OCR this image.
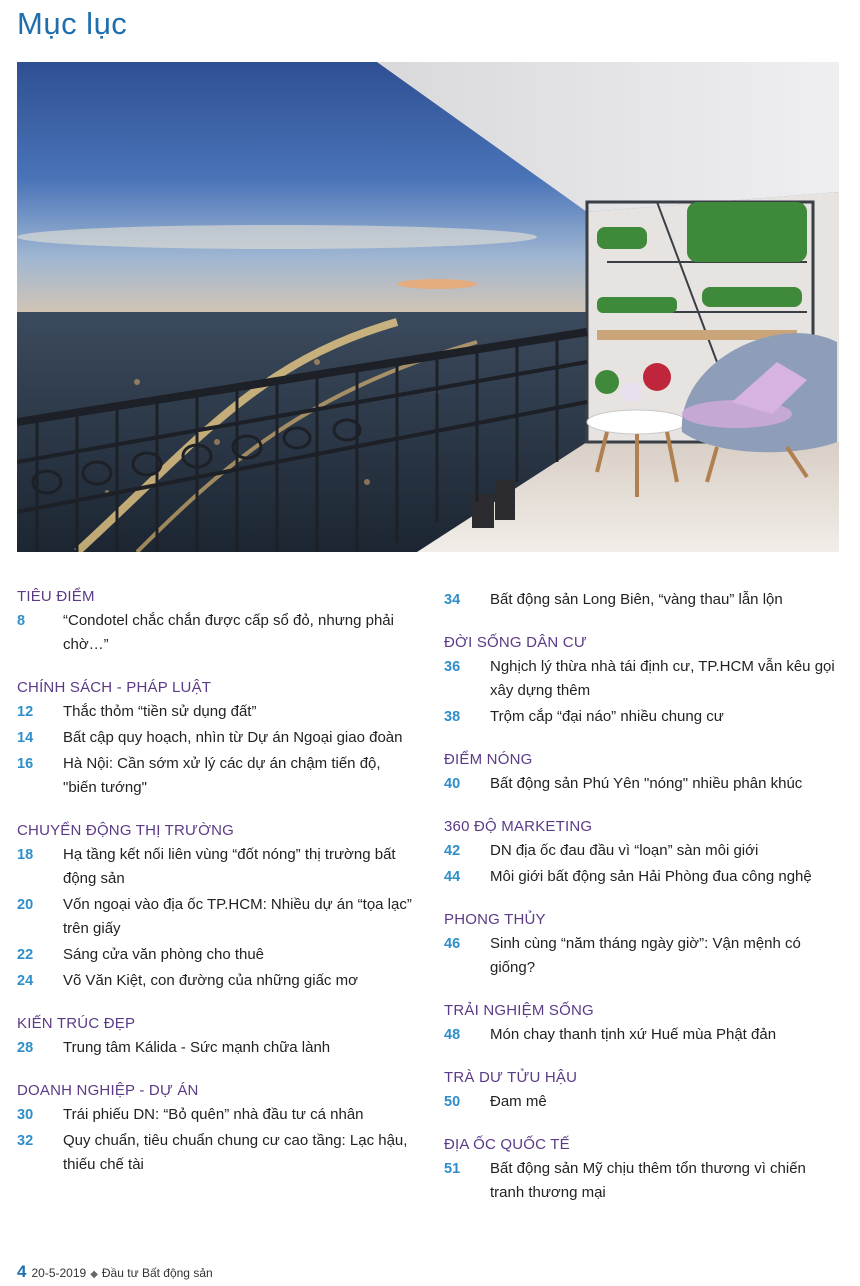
Mục lục
TIÊU ĐIỂM
8	“Condotel chắc chắn được cấp sổ đỏ, nhưng phải chờ…”
CHÍNH SÁCH - PHÁP LUẬT
12	Thắc thỏm “tiền sử dụng đất”
14	Bất cập quy hoạch, nhìn từ Dự án Ngoại giao đoàn
16	Hà Nội: Cần sớm xử lý các dự án chậm tiến độ, "biến tướng"
CHUYỂN ĐỘNG THỊ TRƯỜNG
18	Hạ tầng kết nối liên vùng “đốt nóng” thị trường bất động sản
20	Vốn ngoại vào địa ốc TP.HCM: Nhiều dự án “tọa lạc” trên giấy
22	Sáng cửa văn phòng cho thuê
24	Võ Văn Kiệt, con đường của những giấc mơ
KIẾN TRÚC ĐẸP
28	Trung tâm Kálida - Sức mạnh chữa lành
DOANH NGHIỆP - DỰ ÁN
30	Trái phiếu DN: “Bỏ quên” nhà đầu tư cá nhân
32	Quy chuẩn, tiêu chuẩn chung cư cao tầng: Lạc hậu, thiếu chế tài
34	Bất động sản Long Biên, “vàng thau” lẫn lộn
ĐỜI SỐNG DÂN CƯ
36	Nghịch lý thừa nhà tái định cư, TP.HCM vẫn kêu gọi xây dựng thêm
38	Trộm cắp “đại náo” nhiều chung cư
ĐIỂM NÓNG
40	Bất động sản Phú Yên "nóng" nhiều phân khúc
360 ĐỘ MARKETING
42	DN địa ốc đau đầu vì “loạn” sàn môi giới
44	Môi giới bất động sản Hải Phòng đua công nghệ
PHONG THỦY
46	Sinh cùng “năm tháng ngày giờ”: Vận mệnh có giống?
TRẢI NGHIỆM SỐNG
48	Món chay thanh tịnh xứ Huế mùa Phật đản
TRÀ DƯ TỬU HẬU
50	Đam mê
ĐỊA ỐC QUỐC TẾ
51	Bất động sản Mỹ chịu thêm tổn thương vì chiến tranh thương mại
4 20-5-2019 ◆ Đầu tư Bất động sản
